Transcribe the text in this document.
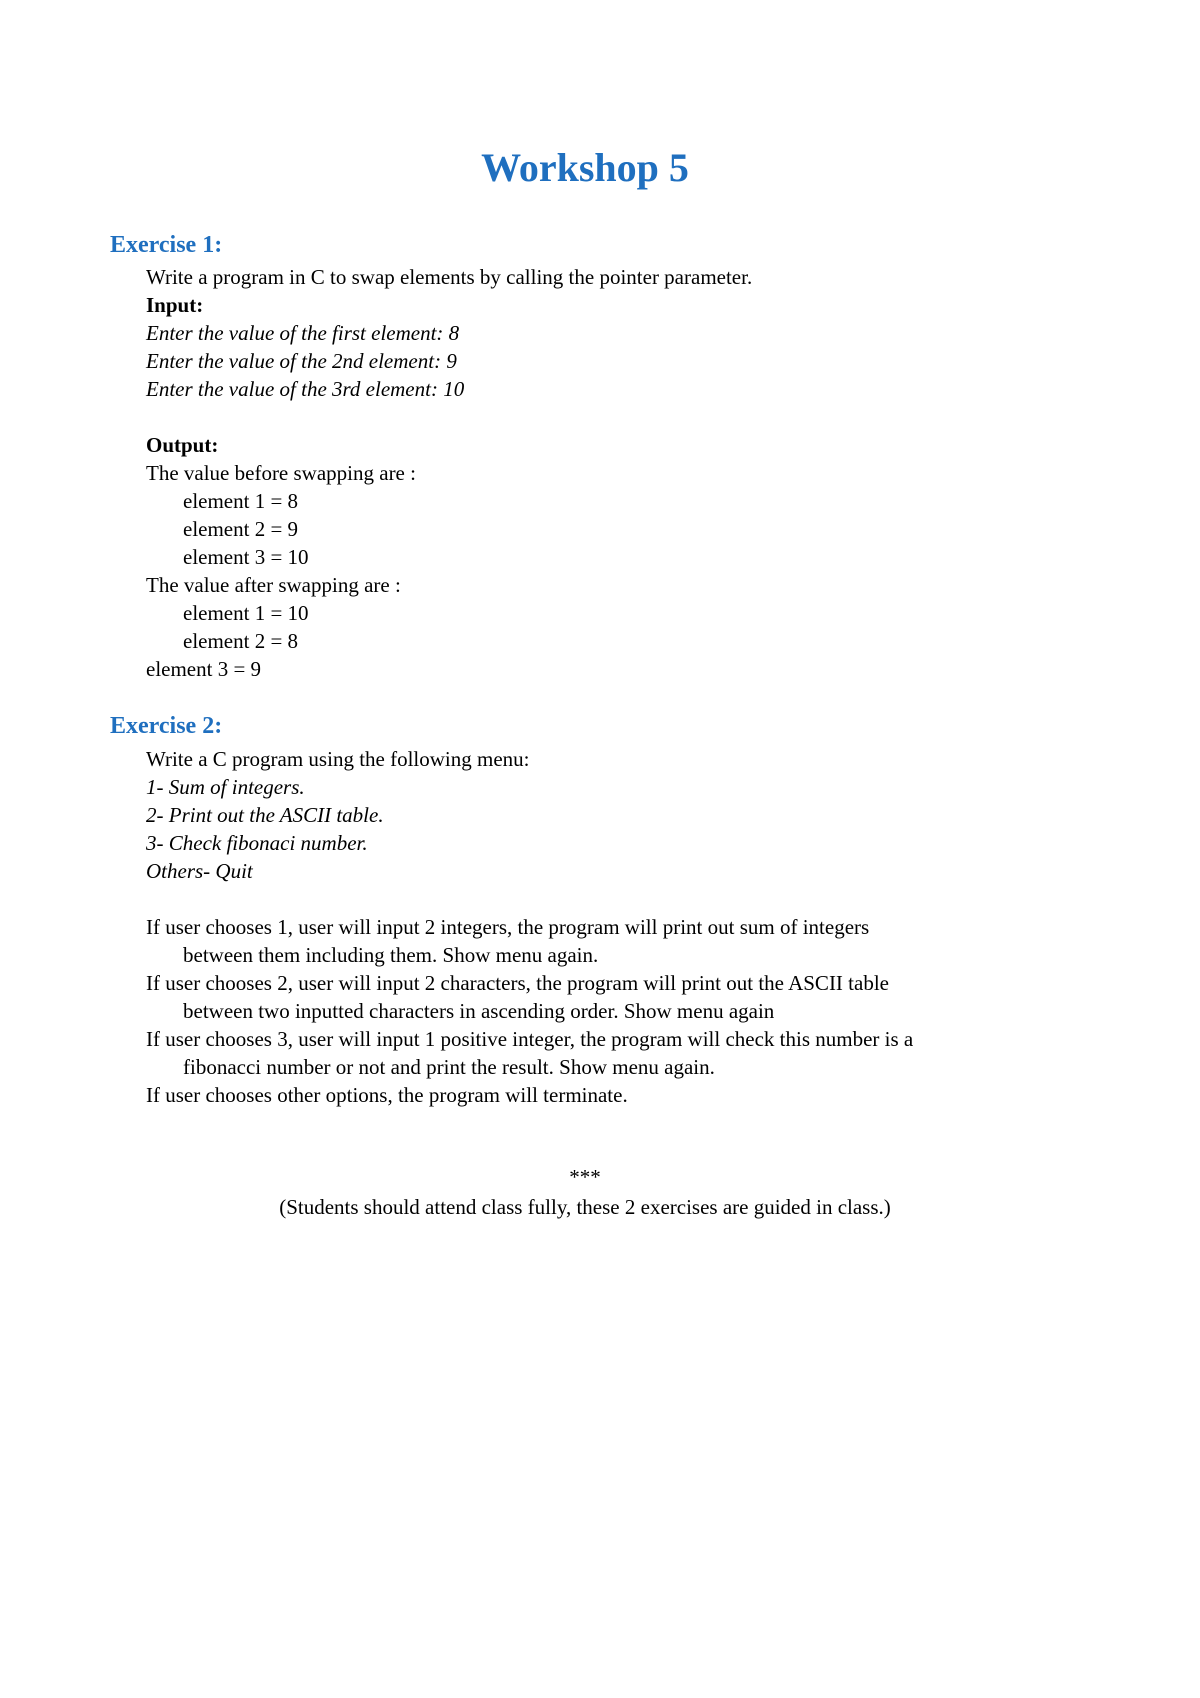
Workshop 5
Exercise 1:

Write a program in C to swap elements by calling the pointer parameter.

Input:

Enter the value of the first element: 8

Enter the value of the 2nd element: 9

Enter the value of the 3rd element: 10

Output:

The value before swapping are :

element 1 = 8

element 2 = 9

element 3 = 10

The value after swapping are :

element 1 = 10

element 2 = 8

element 3 = 9

Exercise 2:

Write a C program using the following menu:

1- Sum of integers.

2- Print out the ASCII table.

3- Check fibonaci number.

Others- Quit

If user chooses 1, user will input 2 integers, the program will print out sum of integers

between them including them. Show menu again.

If user chooses 2, user will input 2 characters, the program will print out the ASCII table

between two inputted characters in ascending order. Show menu again

If user chooses 3, user will input 1 positive integer, the program will check this number is a

fibonacci number or not and print the result. Show menu again.

If user chooses other options, the program will terminate.

***

(Students should attend class fully, these 2 exercises are guided in class.)
